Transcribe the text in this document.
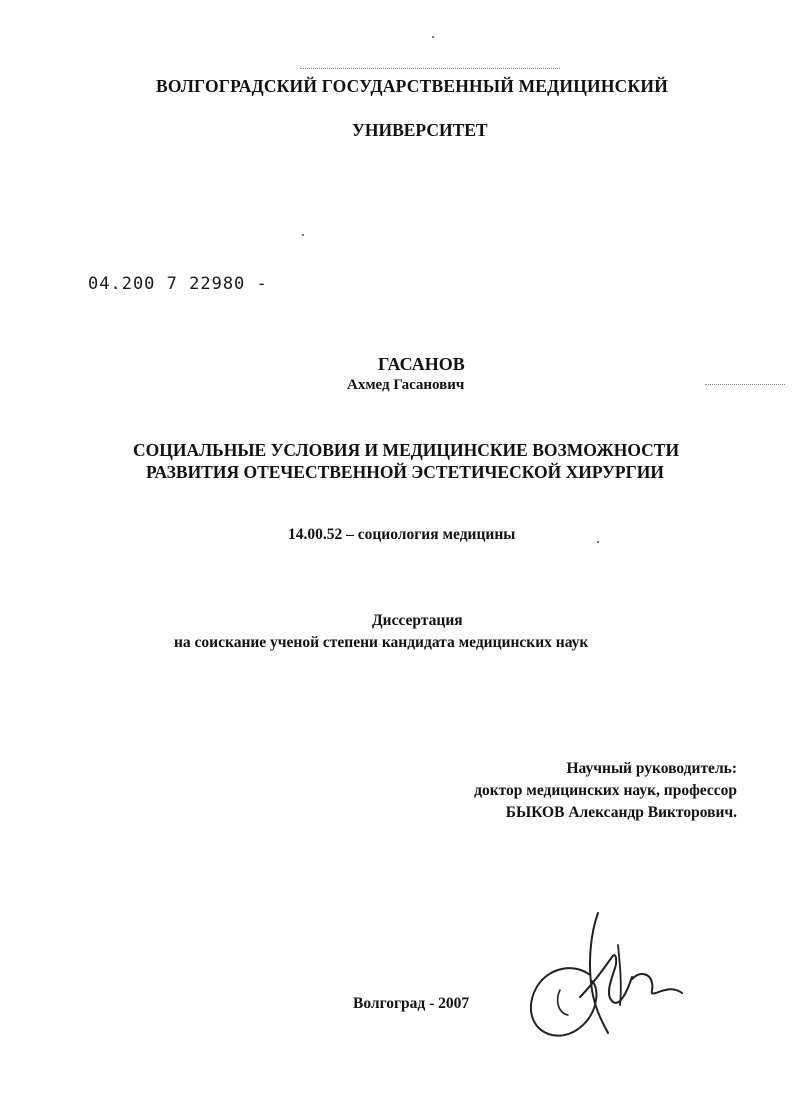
ВОЛГОГРАДСКИЙ ГОСУДАРСТВЕННЫЙ МЕДИЦИНСКИЙ
УНИВЕРСИТЕТ
04.200 7 22980 -
ГАСАНОВ
Ахмед Гасанович
СОЦИАЛЬНЫЕ УСЛОВИЯ И МЕДИЦИНСКИЕ ВОЗМОЖНОСТИ
РАЗВИТИЯ ОТЕЧЕСТВЕННОЙ ЭСТЕТИЧЕСКОЙ ХИРУРГИИ
14.00.52 – социология медицины
Диссертация
на соискание ученой степени кандидата медицинских наук
Научный руководитель:
доктор медицинских наук, профессор
БЫКОВ Александр Викторович.
Волгоград - 2007
